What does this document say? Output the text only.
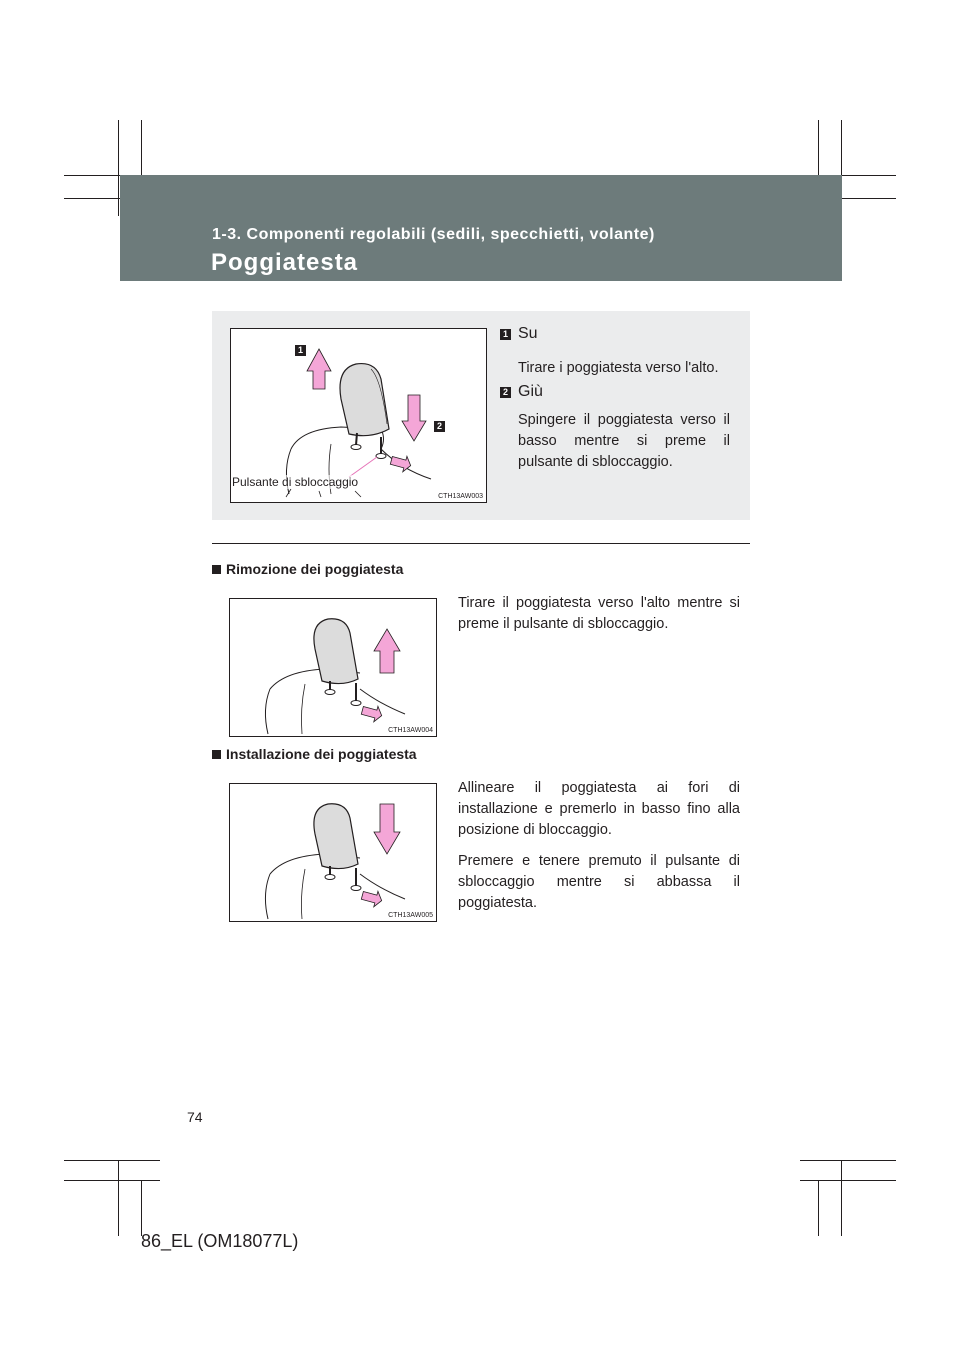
1-3. Componenti regolabili (sedili, specchietti, volante)
Poggiatesta
1
2
CTH13AW003
Pulsante di sbloccaggio
1 Su
Tirare i poggiatesta verso l'alto.
2 Giù
Spingere il poggiatesta verso il basso mentre si preme il pulsante di sbloccaggio.
Rimozione dei poggiatesta
CTH13AW004
Tirare il poggiatesta verso l'alto mentre si preme il pulsante di sbloccaggio.
Installazione dei poggiatesta
CTH13AW005

Allineare il poggiatesta ai fori di installazione e premerlo in basso fino alla posizione di bloccaggio.

Premere e tenere premuto il pulsante di sbloccaggio mentre si abbassa il poggiatesta.

74
86_EL (OM18077L)
